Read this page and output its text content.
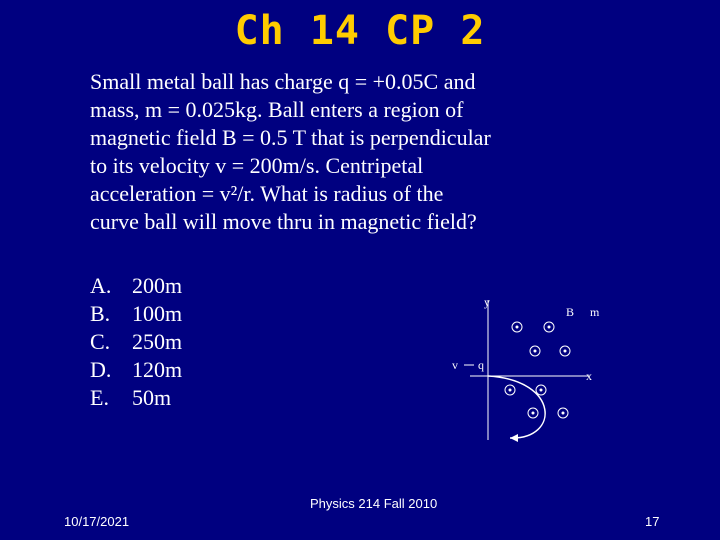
Ch 14 CP 2
Small metal ball has charge q = +0.05C and
mass, m = 0.025kg. Ball enters a region of
magnetic field B = 0.5 T that is perpendicular
to its velocity v = 200m/s. Centripetal
acceleration = v²/r. What is radius of the
curve ball will move thru in magnetic field?
A. 200m
B. 100m
C. 250m
D. 120m
E.	50m
y
B m
v q
x
Physics 214 Fall 2010
10/17/2021	17
